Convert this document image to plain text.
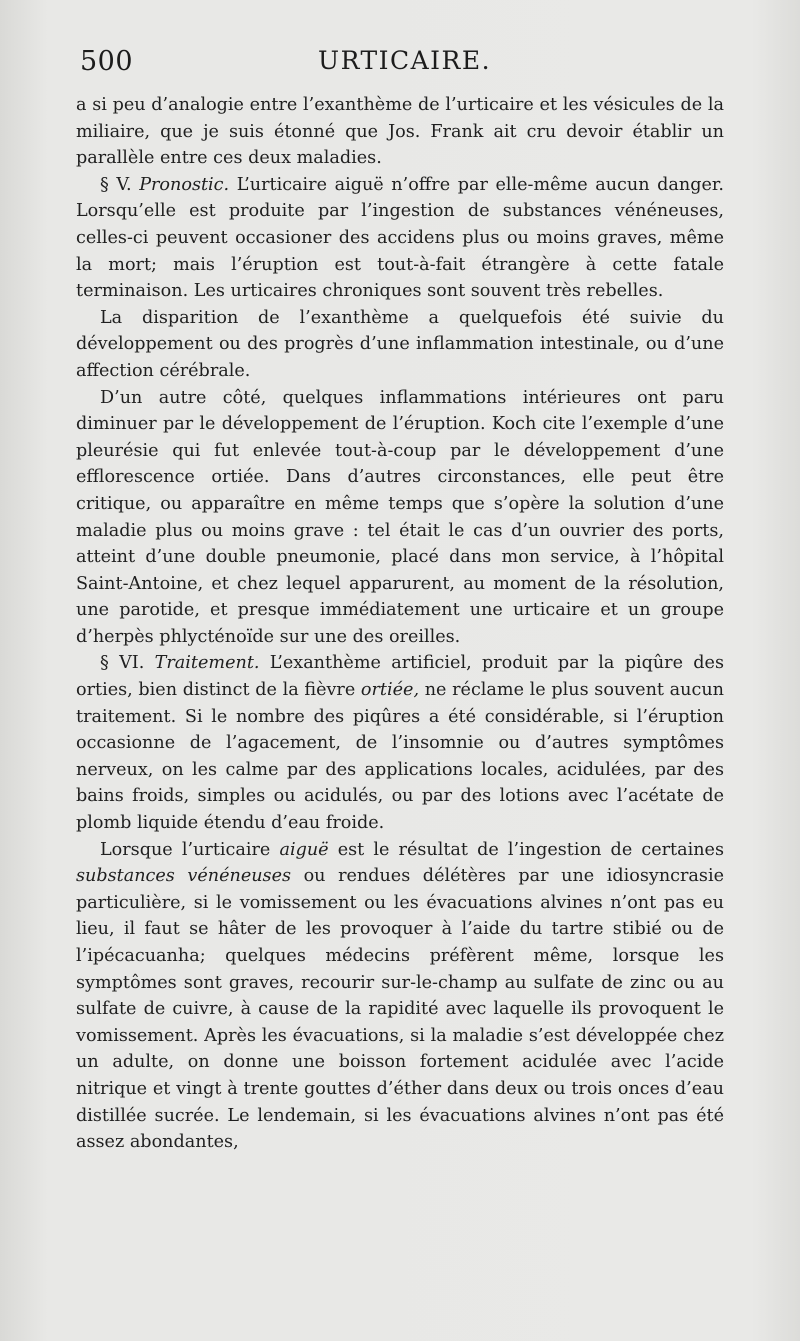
500	URTICAIRE.

a si peu d’analogie entre l’exanthème de l’urticaire et les vésicules de la miliaire, que je suis étonné que Jos. Frank ait cru devoir établir un parallèle entre ces deux maladies.

§ V. Pronostic. L’urticaire aiguë n’offre par elle-même aucun danger. Lorsqu’elle est produite par l’ingestion de substances vénéneuses, celles-ci peuvent occasioner des accidens plus ou moins graves, même la mort; mais l’éruption est tout-à-fait étrangère à cette fatale terminaison. Les urticaires chroniques sont souvent très rebelles.

La disparition de l’exanthème a quelquefois été suivie du développement ou des progrès d’une inflammation intestinale, ou d’une affection cérébrale.

D’un autre côté, quelques inflammations intérieures ont paru diminuer par le développement de l’éruption. Koch cite l’exemple d’une pleurésie qui fut enlevée tout-à-coup par le développement d’une efflorescence ortiée. Dans d’autres circonstances, elle peut être critique, ou apparaître en même temps que s’opère la solution d’une maladie plus ou moins grave : tel était le cas d’un ouvrier des ports, atteint d’une double pneumonie, placé dans mon service, à l’hôpital Saint-Antoine, et chez lequel apparurent, au moment de la résolution, une parotide, et presque immédiatement une urticaire et un groupe d’herpès phlycténoïde sur une des oreilles.

§ VI. Traitement. L’exanthème artificiel, produit par la piqûre des orties, bien distinct de la fièvre ortiée, ne réclame le plus souvent aucun traitement. Si le nombre des piqûres a été considérable, si l’éruption occasionne de l’agacement, de l’insomnie ou d’autres symptômes nerveux, on les calme par des applications locales, acidulées, par des bains froids, simples ou acidulés, ou par des lotions avec l’acétate de plomb liquide étendu d’eau froide.

Lorsque l’urticaire aiguë est le résultat de l’ingestion de certaines substances vénéneuses ou rendues délétères par une idiosyncrasie particulière, si le vomissement ou les évacuations alvines n’ont pas eu lieu, il faut se hâter de les provoquer à l’aide du tartre stibié ou de l’ipécacuanha; quelques médecins préfèrent même, lorsque les symptômes sont graves, recourir sur-le-champ au sulfate de zinc ou au sulfate de cuivre, à cause de la rapidité avec laquelle ils provoquent le vomissement. Après les évacuations, si la maladie s’est développée chez un adulte, on donne une boisson fortement acidulée avec l’acide nitrique et vingt à trente gouttes d’éther dans deux ou trois onces d’eau distillée sucrée. Le lendemain, si les évacuations alvines n’ont pas été assez abondantes,
